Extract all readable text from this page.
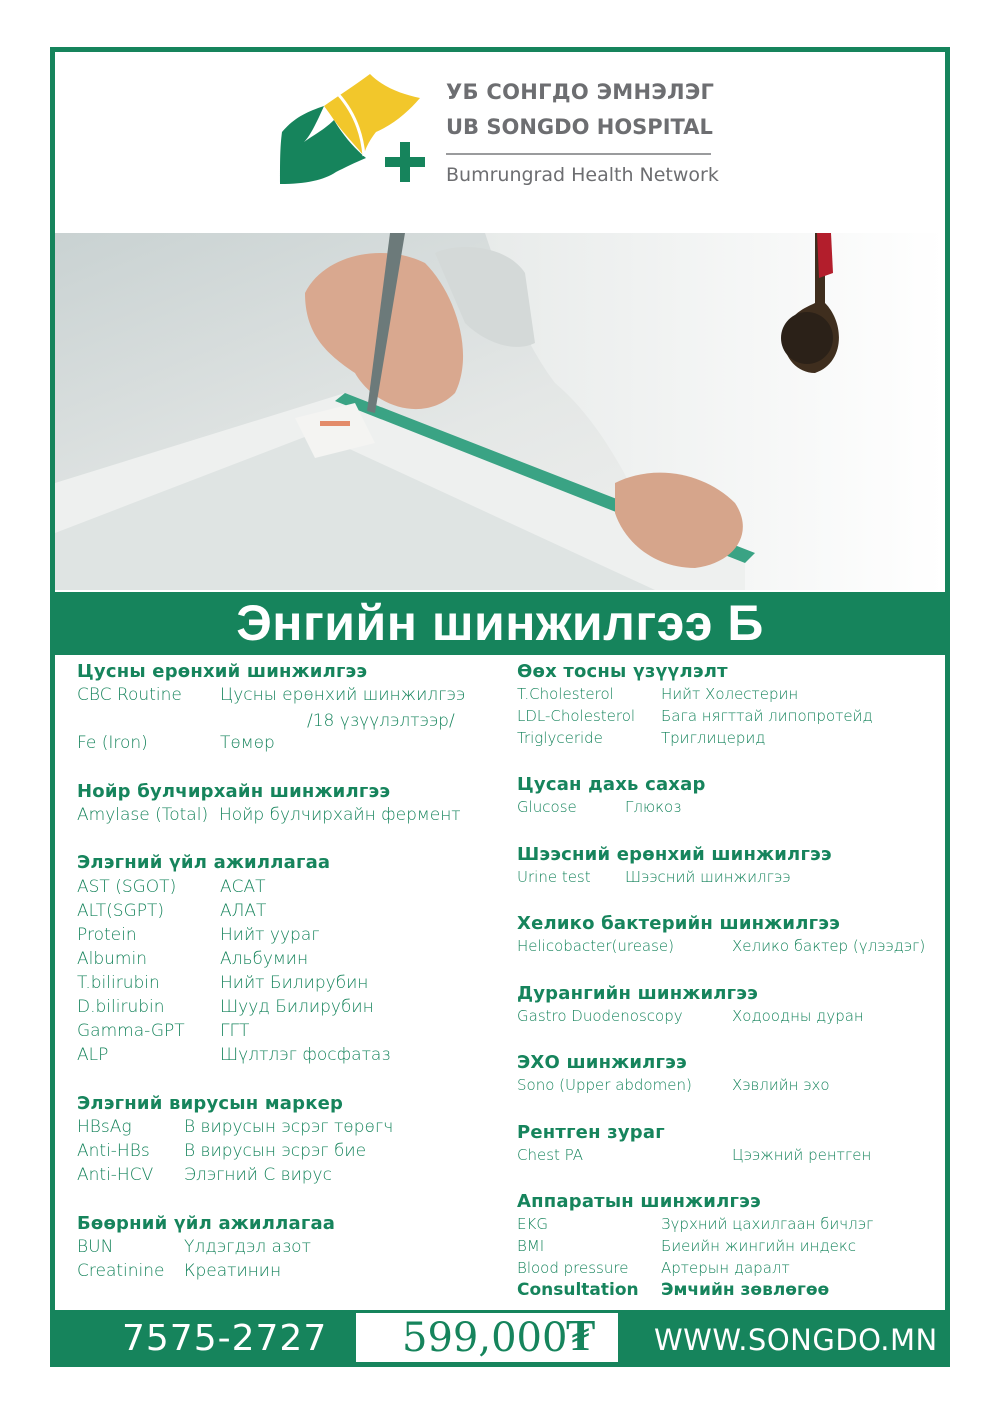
УБ СОНГДО ЭМНЭЛЭГ
UB SONGDO HOSPITAL
Bumrungrad Health Network
Энгийн шинжилгээ Б
Цусны ерөнхий шинжилгээ
CBC Routine Цусны ерөнхий шинжилгээ
/18 үзүүлэлтээр/
Fe (Iron)	Төмөр
Нойр булчирхайн шинжилгээ
Amylase (Total) Нойр булчирхайн фермент
Элэгний үйл ажиллагаа
AST (SGOT)	АСАТ
ALT(SGPT)	АЛАТ
Protein	Нийт уураг
Albumin	Альбумин
T.bilirubin	Нийт Билирубин
D.bilirubin	Шууд Билирубин
Gamma-GPT ГГТ
ALP	Шүлтлэг фосфатаз
Элэгний вирусын маркер
HBsAg	В вирусын эсрэг төрөгч
Anti-HBs В вирусын эсрэг бие
Anti-HCV Элэгний С вирус
Бөөрний үйл ажиллагаа
BUN	Үлдэгдэл азот
Creatinine Креатинин
Өөх тосны үзүүлэлт
T.Cholesterol	Нийт Холестерин
LDL-Cholesterol Бага нягттай липопротейд
Triglyceride	Триглицерид
Цусан дахь сахар
Glucose	Глюкоз
Шээсний ерөнхий шинжилгээ
Urine test Шээсний шинжилгээ
Хелико бактерийн шинжилгээ
Helicobacter(urease)	Хелико бактер (үлээдэг)
Дурангийн шинжилгээ
Gastro Duodenoscopy	Ходоодны дуран
ЭХО шинжилгээ
Sono (Upper abdomen)	Хэвлийн эхо
Рентген зураг
Chest PA	Цээжний рентген
Аппаратын шинжилгээ
EKG	Зүрхний цахилгаан бичлэг
BMI	Биеийн жингийн индекс
Blood pressure Артерын даралт
Consultation Эмчийн зөвлөгөө
7575-2727 599,000
₮ WWW.SONGDO.MN
